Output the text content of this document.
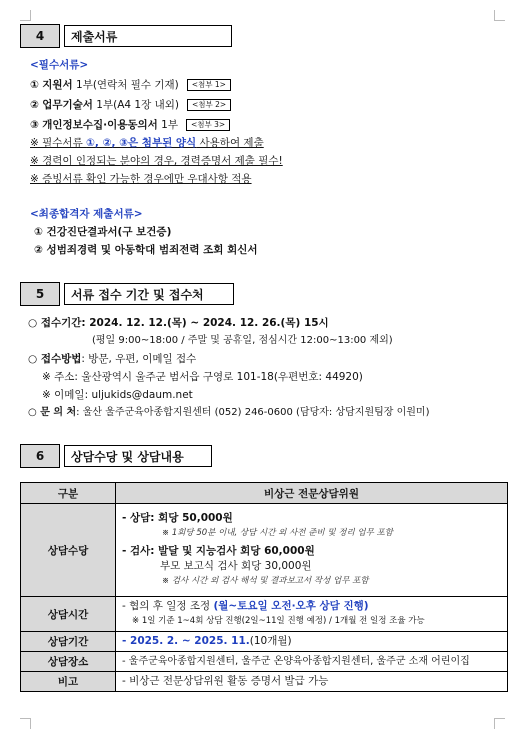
4	제출서류
<필수서류>
① 지원서 1부(연락처 필수 기재) <첨부 1>
② 업무기술서 1부(A4 1장 내외) <첨부 2>
③ 개인정보수집·이용동의서 1부 <첨부 3>
※ 필수서류 ①, ②, ③은 첨부된 양식 사용하여 제출
※ 경력이 인정되는 분야의 경우, 경력증명서 제출 필수!
※ 증빙서류 확인 가능한 경우에만 우대사항 적용
<최종합격자 제출서류>
① 건강진단결과서(구 보건증)
② 성범죄경력 및 아동학대 범죄전력 조회 회신서
5	서류 접수 기간 및 접수처
○ 접수기간: 2024. 12. 12.(목) ~ 2024. 12. 26.(목) 15시
(평일 9:00~18:00 / 주말 및 공휴일, 점심시간 12:00~13:00 제외)
○ 접수방법: 방문, 우편, 이메일 접수
※ 주소: 울산광역시 울주군 범서읍 구영로 101-18(우편번호: 44920)
※ 이메일: uljukids@daum.net
○ 문 의 처: 울산 울주군육아종합지원센터 (052) 246-0600 (담당자: 상담지원팀장 이원미)
6	상담수당 및 상담내용
구분	비상근 전문상담위원
상담수당	- 상담: 회당 50,000원
※ 1회당 50분 이내, 상담 시간 외 사전 준비 및 정리 업무 포함
- 검사: 발달 및 지능검사 회당 60,000원
부모 보고식 검사 회당 30,000원
※ 검사 시간 외 검사 해석 및 결과보고서 작성 업무 포함

상담시간	- 협의 후 일정 조정 (월~토요일 오전·오후 상담 진행)
※ 1일 기준 1~4회 상담 진행(2일~11일 진행 예정) / 1개월 전 일정 조율 가능

상담기간	- 2025. 2. ~ 2025. 11.(10개월)
상담장소	- 울주군육아종합지원센터, 울주군 온양육아종합지원센터, 울주군 소재 어린이집
비고	- 비상근 전문상담위원 활동 증명서 발급 가능
